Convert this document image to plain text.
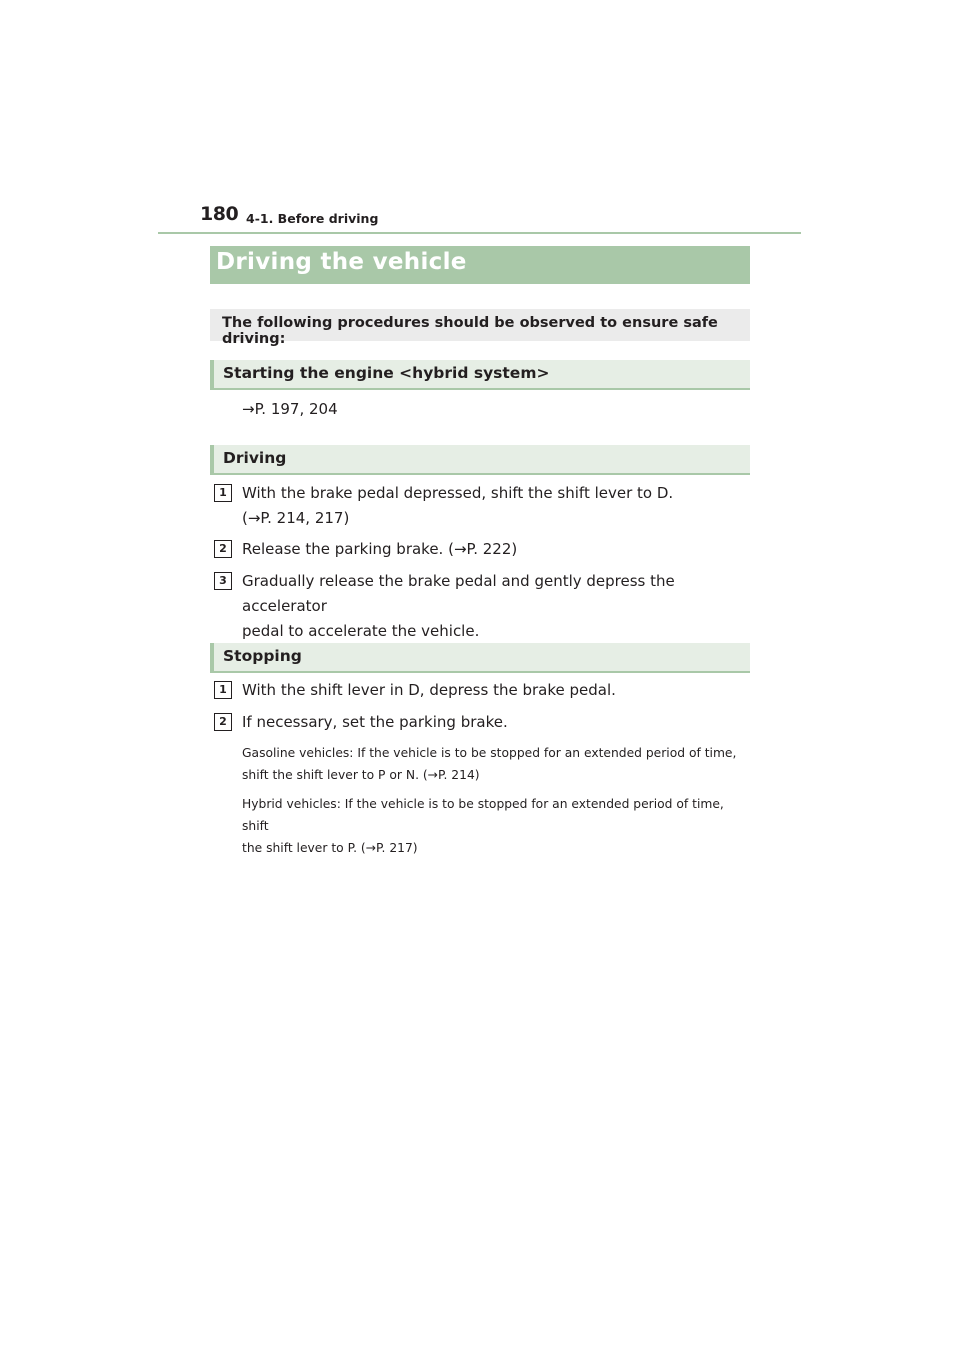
180 4-1. Before driving
Driving the vehicle
The following procedures should be observed to ensure safe driving:
Starting the engine <hybrid system>
→P. 197, 204
Driving
1	With the brake pedal depressed, shift the shift lever to D.
(→P. 214, 217)
2	Release the parking brake. (→P. 222)
3	Gradually release the brake pedal and gently depress the accelerator
pedal to accelerate the vehicle.
Stopping
1	With the shift lever in D, depress the brake pedal.
2	If necessary, set the parking brake.
Gasoline vehicles: If the vehicle is to be stopped for an extended period of time,
shift the shift lever to P or N. (→P. 214)
Hybrid vehicles: If the vehicle is to be stopped for an extended period of time, shift
the shift lever to P. (→P. 217)
